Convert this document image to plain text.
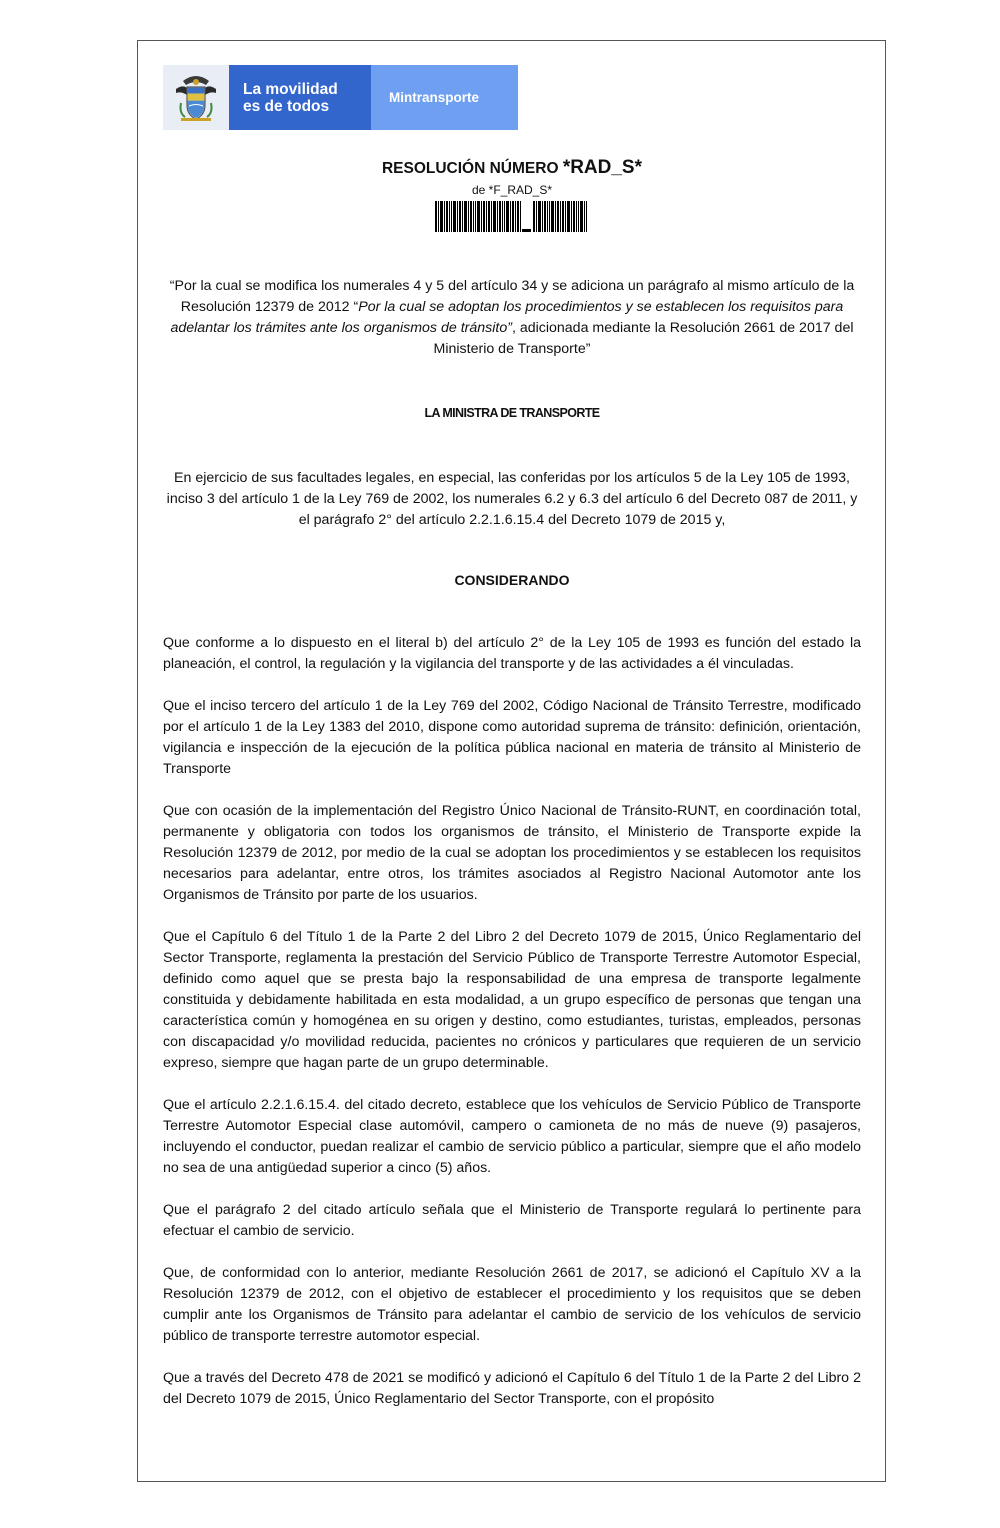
La movilidad
es de todos	Mintransporte
RESOLUCIÓN NÚMERO *RAD_S*
de *F_RAD_S*
“Por la cual se modifica los numerales 4 y 5 del artículo 34 y se adiciona un parágrafo al mismo artículo de la Resolución 12379 de 2012 “Por la cual se adoptan los procedimientos y se establecen los requisitos para adelantar los trámites ante los organismos de tránsito”, adicionada mediante la Resolución 2661 de 2017 del Ministerio de Transporte”
LA MINISTRA DE TRANSPORTE
En ejercicio de sus facultades legales, en especial, las conferidas por los artículos 5 de la Ley 105 de 1993, inciso 3 del artículo 1 de la Ley 769 de 2002, los numerales 6.2 y 6.3 del artículo 6 del Decreto 087 de 2011, y el parágrafo 2° del artículo 2.2.1.6.15.4 del Decreto 1079 de 2015 y,
CONSIDERANDO

Que conforme a lo dispuesto en el literal b) del artículo 2° de la Ley 105 de 1993 es función del estado la planeación, el control, la regulación y la vigilancia del transporte y de las actividades a él vinculadas.

Que el inciso tercero del artículo 1 de la Ley 769 del 2002, Código Nacional de Tránsito Terrestre, modificado por el artículo 1 de la Ley 1383 del 2010, dispone como autoridad suprema de tránsito: definición, orientación, vigilancia e inspección de la ejecución de la política pública nacional en materia de tránsito al Ministerio de Transporte

Que con ocasión de la implementación del Registro Único Nacional de Tránsito-RUNT, en coordinación total, permanente y obligatoria con todos los organismos de tránsito, el Ministerio de Transporte expide la Resolución 12379 de 2012, por medio de la cual se adoptan los procedimientos y se establecen los requisitos necesarios para adelantar, entre otros, los trámites asociados al Registro Nacional Automotor ante los Organismos de Tránsito por parte de los usuarios.

Que el Capítulo 6 del Título 1 de la Parte 2 del Libro 2 del Decreto 1079 de 2015, Único Reglamentario del Sector Transporte, reglamenta la prestación del Servicio Público de Transporte Terrestre Automotor Especial, definido como aquel que se presta bajo la responsabilidad de una empresa de transporte legalmente constituida y debidamente habilitada en esta modalidad, a un grupo específico de personas que tengan una característica común y homogénea en su origen y destino, como estudiantes, turistas, empleados, personas con discapacidad y/o movilidad reducida, pacientes no crónicos y particulares que requieren de un servicio expreso, siempre que hagan parte de un grupo determinable.

Que el artículo 2.2.1.6.15.4. del citado decreto, establece que los vehículos de Servicio Público de Transporte Terrestre Automotor Especial clase automóvil, campero o camioneta de no más de nueve (9) pasajeros, incluyendo el conductor, puedan realizar el cambio de servicio público a particular, siempre que el año modelo no sea de una antigüedad superior a cinco (5) años.

Que el parágrafo 2 del citado artículo señala que el Ministerio de Transporte regulará lo pertinente para efectuar el cambio de servicio.

Que, de conformidad con lo anterior, mediante Resolución 2661 de 2017, se adicionó el Capítulo XV a la Resolución 12379 de 2012, con el objetivo de establecer el procedimiento y los requisitos que se deben cumplir ante los Organismos de Tránsito para adelantar el cambio de servicio de los vehículos de servicio público de transporte terrestre automotor especial.

Que a través del Decreto 478 de 2021 se modificó y adicionó el Capítulo 6 del Título 1 de la Parte 2 del Libro 2 del Decreto 1079 de 2015, Único Reglamentario del Sector Transporte, con el propósito
